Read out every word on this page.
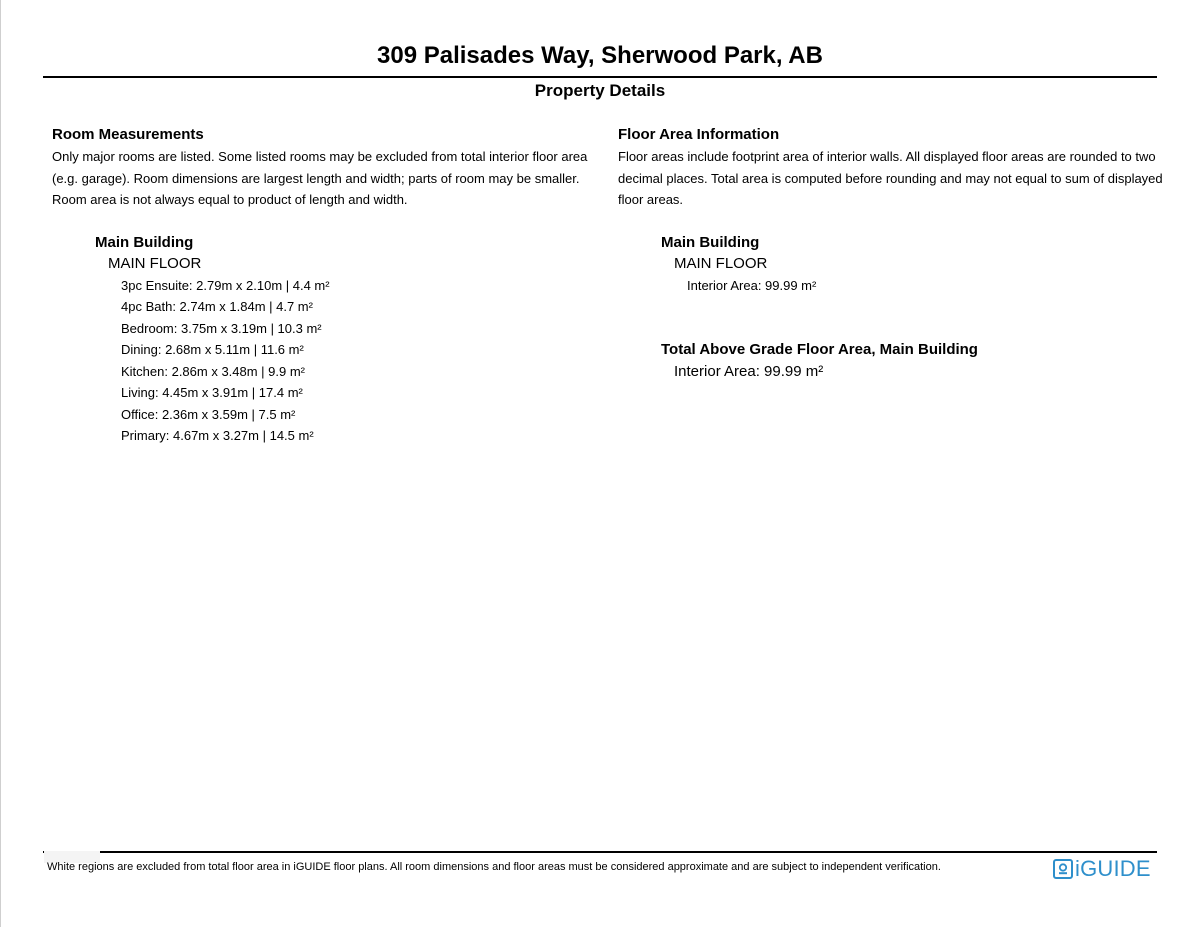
309 Palisades Way, Sherwood Park, AB
Property Details

Room Measurements

Only major rooms are listed. Some listed rooms may be excluded from total interior floor area (e.g. garage). Room dimensions are largest length and width; parts of room may be smaller. Room area is not always equal to product of length and width.

Main Building

MAIN FLOOR

3pc Ensuite: 2.79m x 2.10m | 4.4 m²
4pc Bath: 2.74m x 1.84m | 4.7 m²
Bedroom: 3.75m x 3.19m | 10.3 m²
Dining: 2.68m x 5.11m | 11.6 m²
Kitchen: 2.86m x 3.48m | 9.9 m²
Living: 4.45m x 3.91m | 17.4 m²
Office: 2.36m x 3.59m | 7.5 m²
Primary: 4.67m x 3.27m | 14.5 m²

Floor Area Information

Floor areas include footprint area of interior walls. All displayed floor areas are rounded to two decimal places. Total area is computed before rounding and may not equal to sum of displayed floor areas.

Main Building

MAIN FLOOR

Interior Area: 99.99 m²

Total Above Grade Floor Area, Main Building

Interior Area: 99.99 m²

White regions are excluded from total floor area in iGUIDE floor plans. All room dimensions and floor areas must be considered approximate and are subject to independent verification.	iGUIDE
